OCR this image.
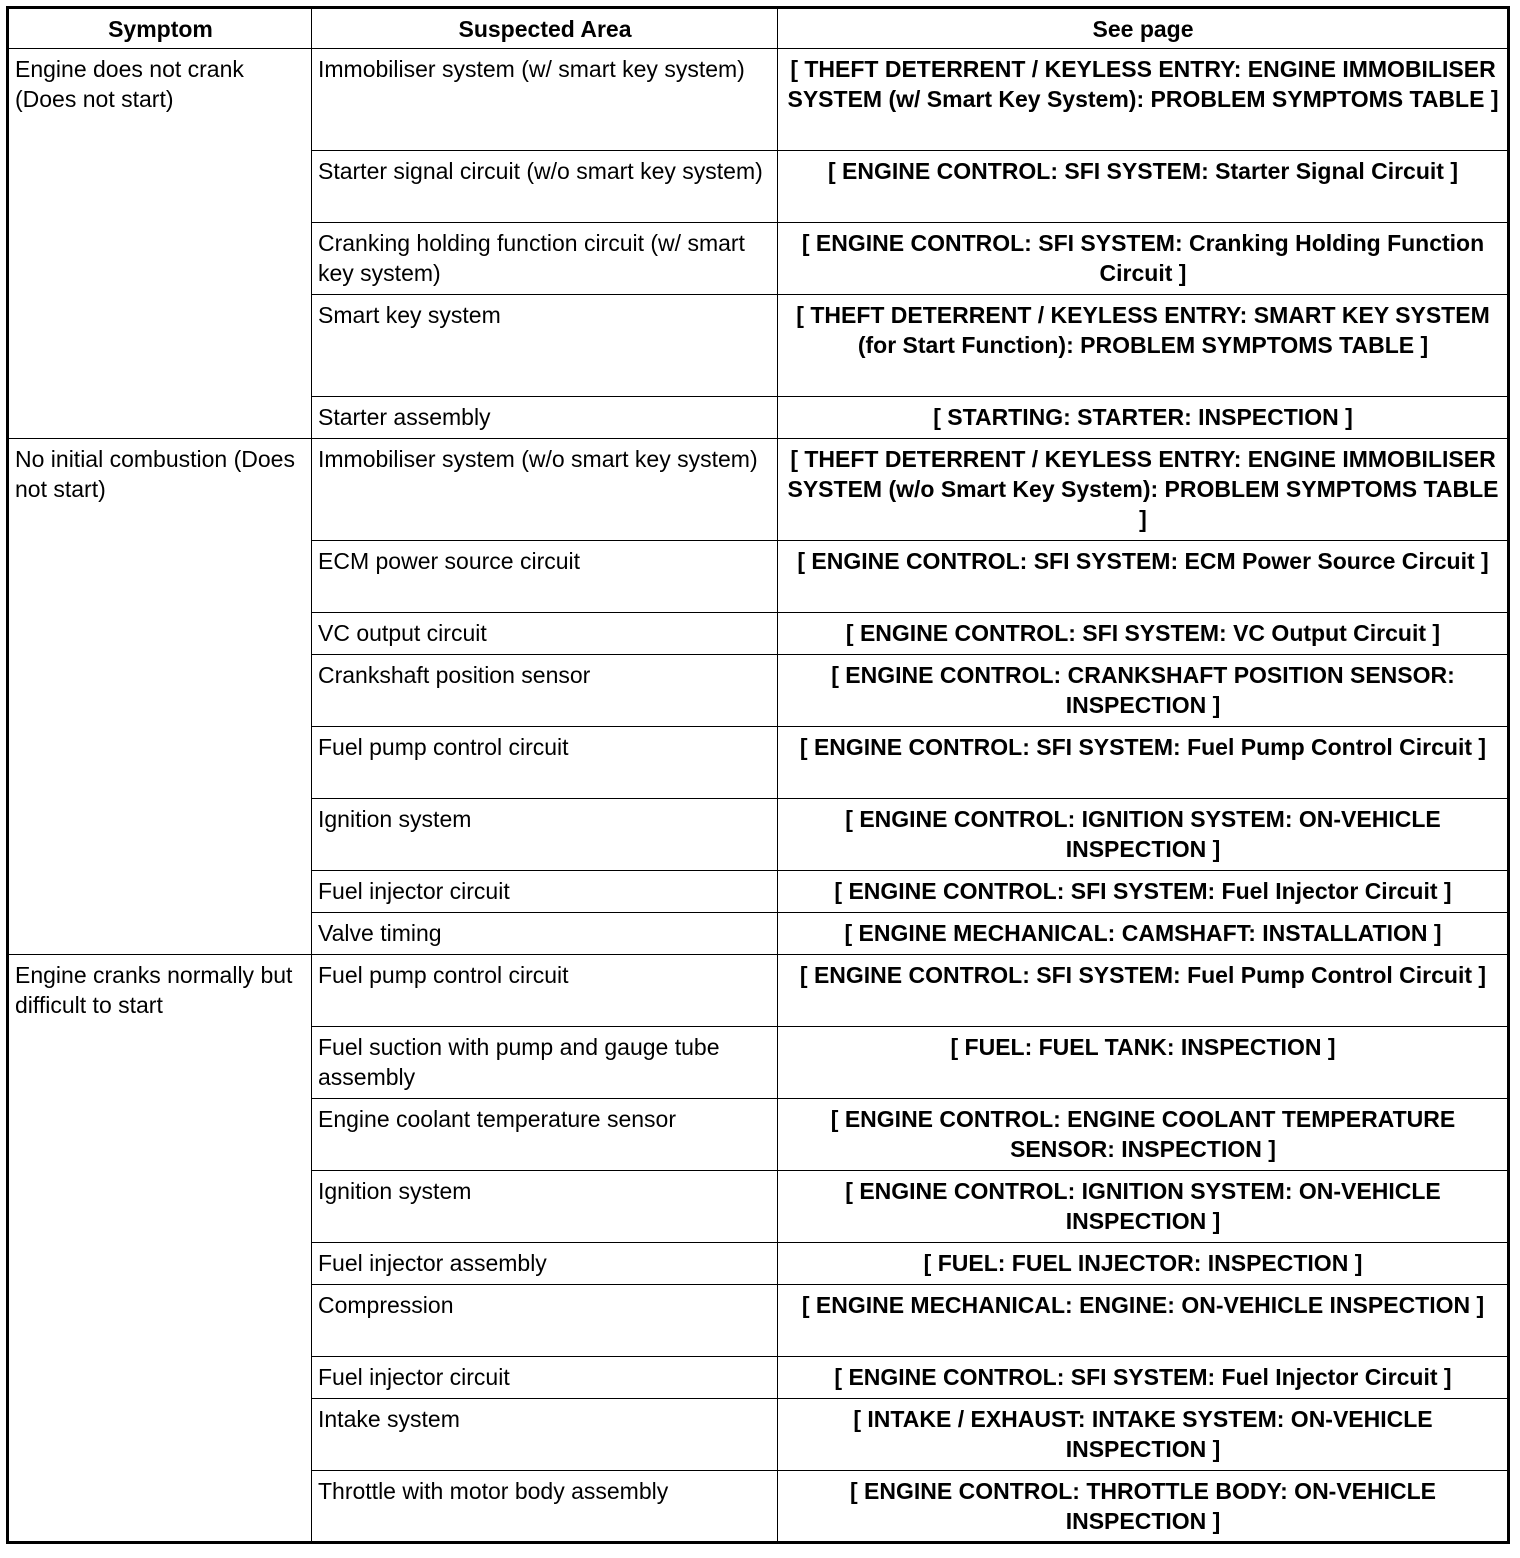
Symptom	Suspected Area	See page
Engine does not crank (Does not start)	Immobiliser system (w/ smart key system)	[ THEFT DETERRENT / KEYLESS ENTRY: ENGINE IMMOBILISER SYSTEM (w/ Smart Key System): PROBLEM SYMPTOMS TABLE ]
	Starter signal circuit (w/o smart key system)	[ ENGINE CONTROL: SFI SYSTEM: Starter Signal Circuit ]
	Cranking holding function circuit (w/ smart key system)	[ ENGINE CONTROL: SFI SYSTEM: Cranking Holding Function Circuit ]
	Smart key system	[ THEFT DETERRENT / KEYLESS ENTRY: SMART KEY SYSTEM (for Start Function): PROBLEM SYMPTOMS TABLE ]
	Starter assembly	[ STARTING: STARTER: INSPECTION ]
No initial combustion (Does not start)	Immobiliser system (w/o smart key system)	[ THEFT DETERRENT / KEYLESS ENTRY: ENGINE IMMOBILISER SYSTEM (w/o Smart Key System): PROBLEM SYMPTOMS TABLE ]
	ECM power source circuit	[ ENGINE CONTROL: SFI SYSTEM: ECM Power Source Circuit ]
	VC output circuit	[ ENGINE CONTROL: SFI SYSTEM: VC Output Circuit ]
	Crankshaft position sensor	[ ENGINE CONTROL: CRANKSHAFT POSITION SENSOR: INSPECTION ]
	Fuel pump control circuit	[ ENGINE CONTROL: SFI SYSTEM: Fuel Pump Control Circuit ]
	Ignition system	[ ENGINE CONTROL: IGNITION SYSTEM: ON-VEHICLE INSPECTION ]
	Fuel injector circuit	[ ENGINE CONTROL: SFI SYSTEM: Fuel Injector Circuit ]
	Valve timing	[ ENGINE MECHANICAL: CAMSHAFT: INSTALLATION ]
Engine cranks normally but difficult to start	Fuel pump control circuit	[ ENGINE CONTROL: SFI SYSTEM: Fuel Pump Control Circuit ]
	Fuel suction with pump and gauge tube assembly	[ FUEL: FUEL TANK: INSPECTION ]
	Engine coolant temperature sensor	[ ENGINE CONTROL: ENGINE COOLANT TEMPERATURE SENSOR: INSPECTION ]
	Ignition system	[ ENGINE CONTROL: IGNITION SYSTEM: ON-VEHICLE INSPECTION ]
	Fuel injector assembly	[ FUEL: FUEL INJECTOR: INSPECTION ]
	Compression	[ ENGINE MECHANICAL: ENGINE: ON-VEHICLE INSPECTION ]
	Fuel injector circuit	[ ENGINE CONTROL: SFI SYSTEM: Fuel Injector Circuit ]
	Intake system	[ INTAKE / EXHAUST: INTAKE SYSTEM: ON-VEHICLE INSPECTION ]
	Throttle with motor body assembly	[ ENGINE CONTROL: THROTTLE BODY: ON-VEHICLE INSPECTION ]
